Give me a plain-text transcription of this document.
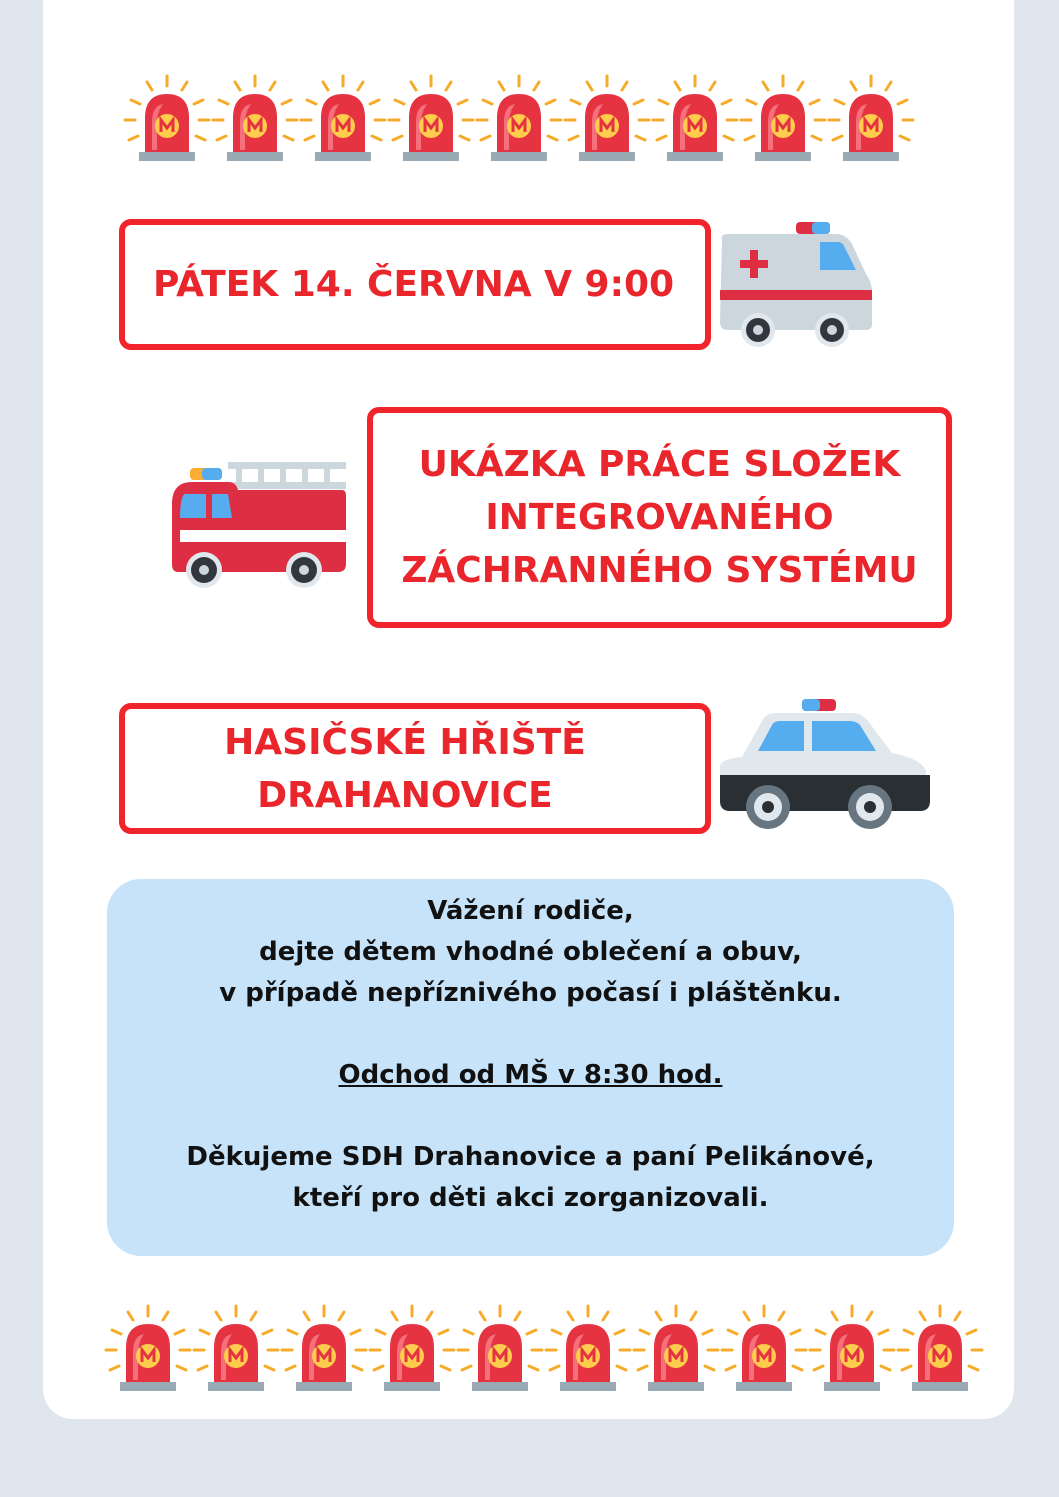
PÁTEK 14. ČERVNA V 9:00
UKÁZKA PRÁCE SLOŽEK
INTEGROVANÉHO
ZÁCHRANNÉHO SYSTÉMU
HASIČSKÉ HŘIŠTĚ
DRAHANOVICE

Vážení rodiče,

dejte dětem vhodné oblečení a obuv,

v případě nepříznivého počasí i pláštěnku.

Odchod od MŠ v 8:30 hod.

Děkujeme SDH Drahanovice a paní Pelikánové,

kteří pro děti akci zorganizovali.
